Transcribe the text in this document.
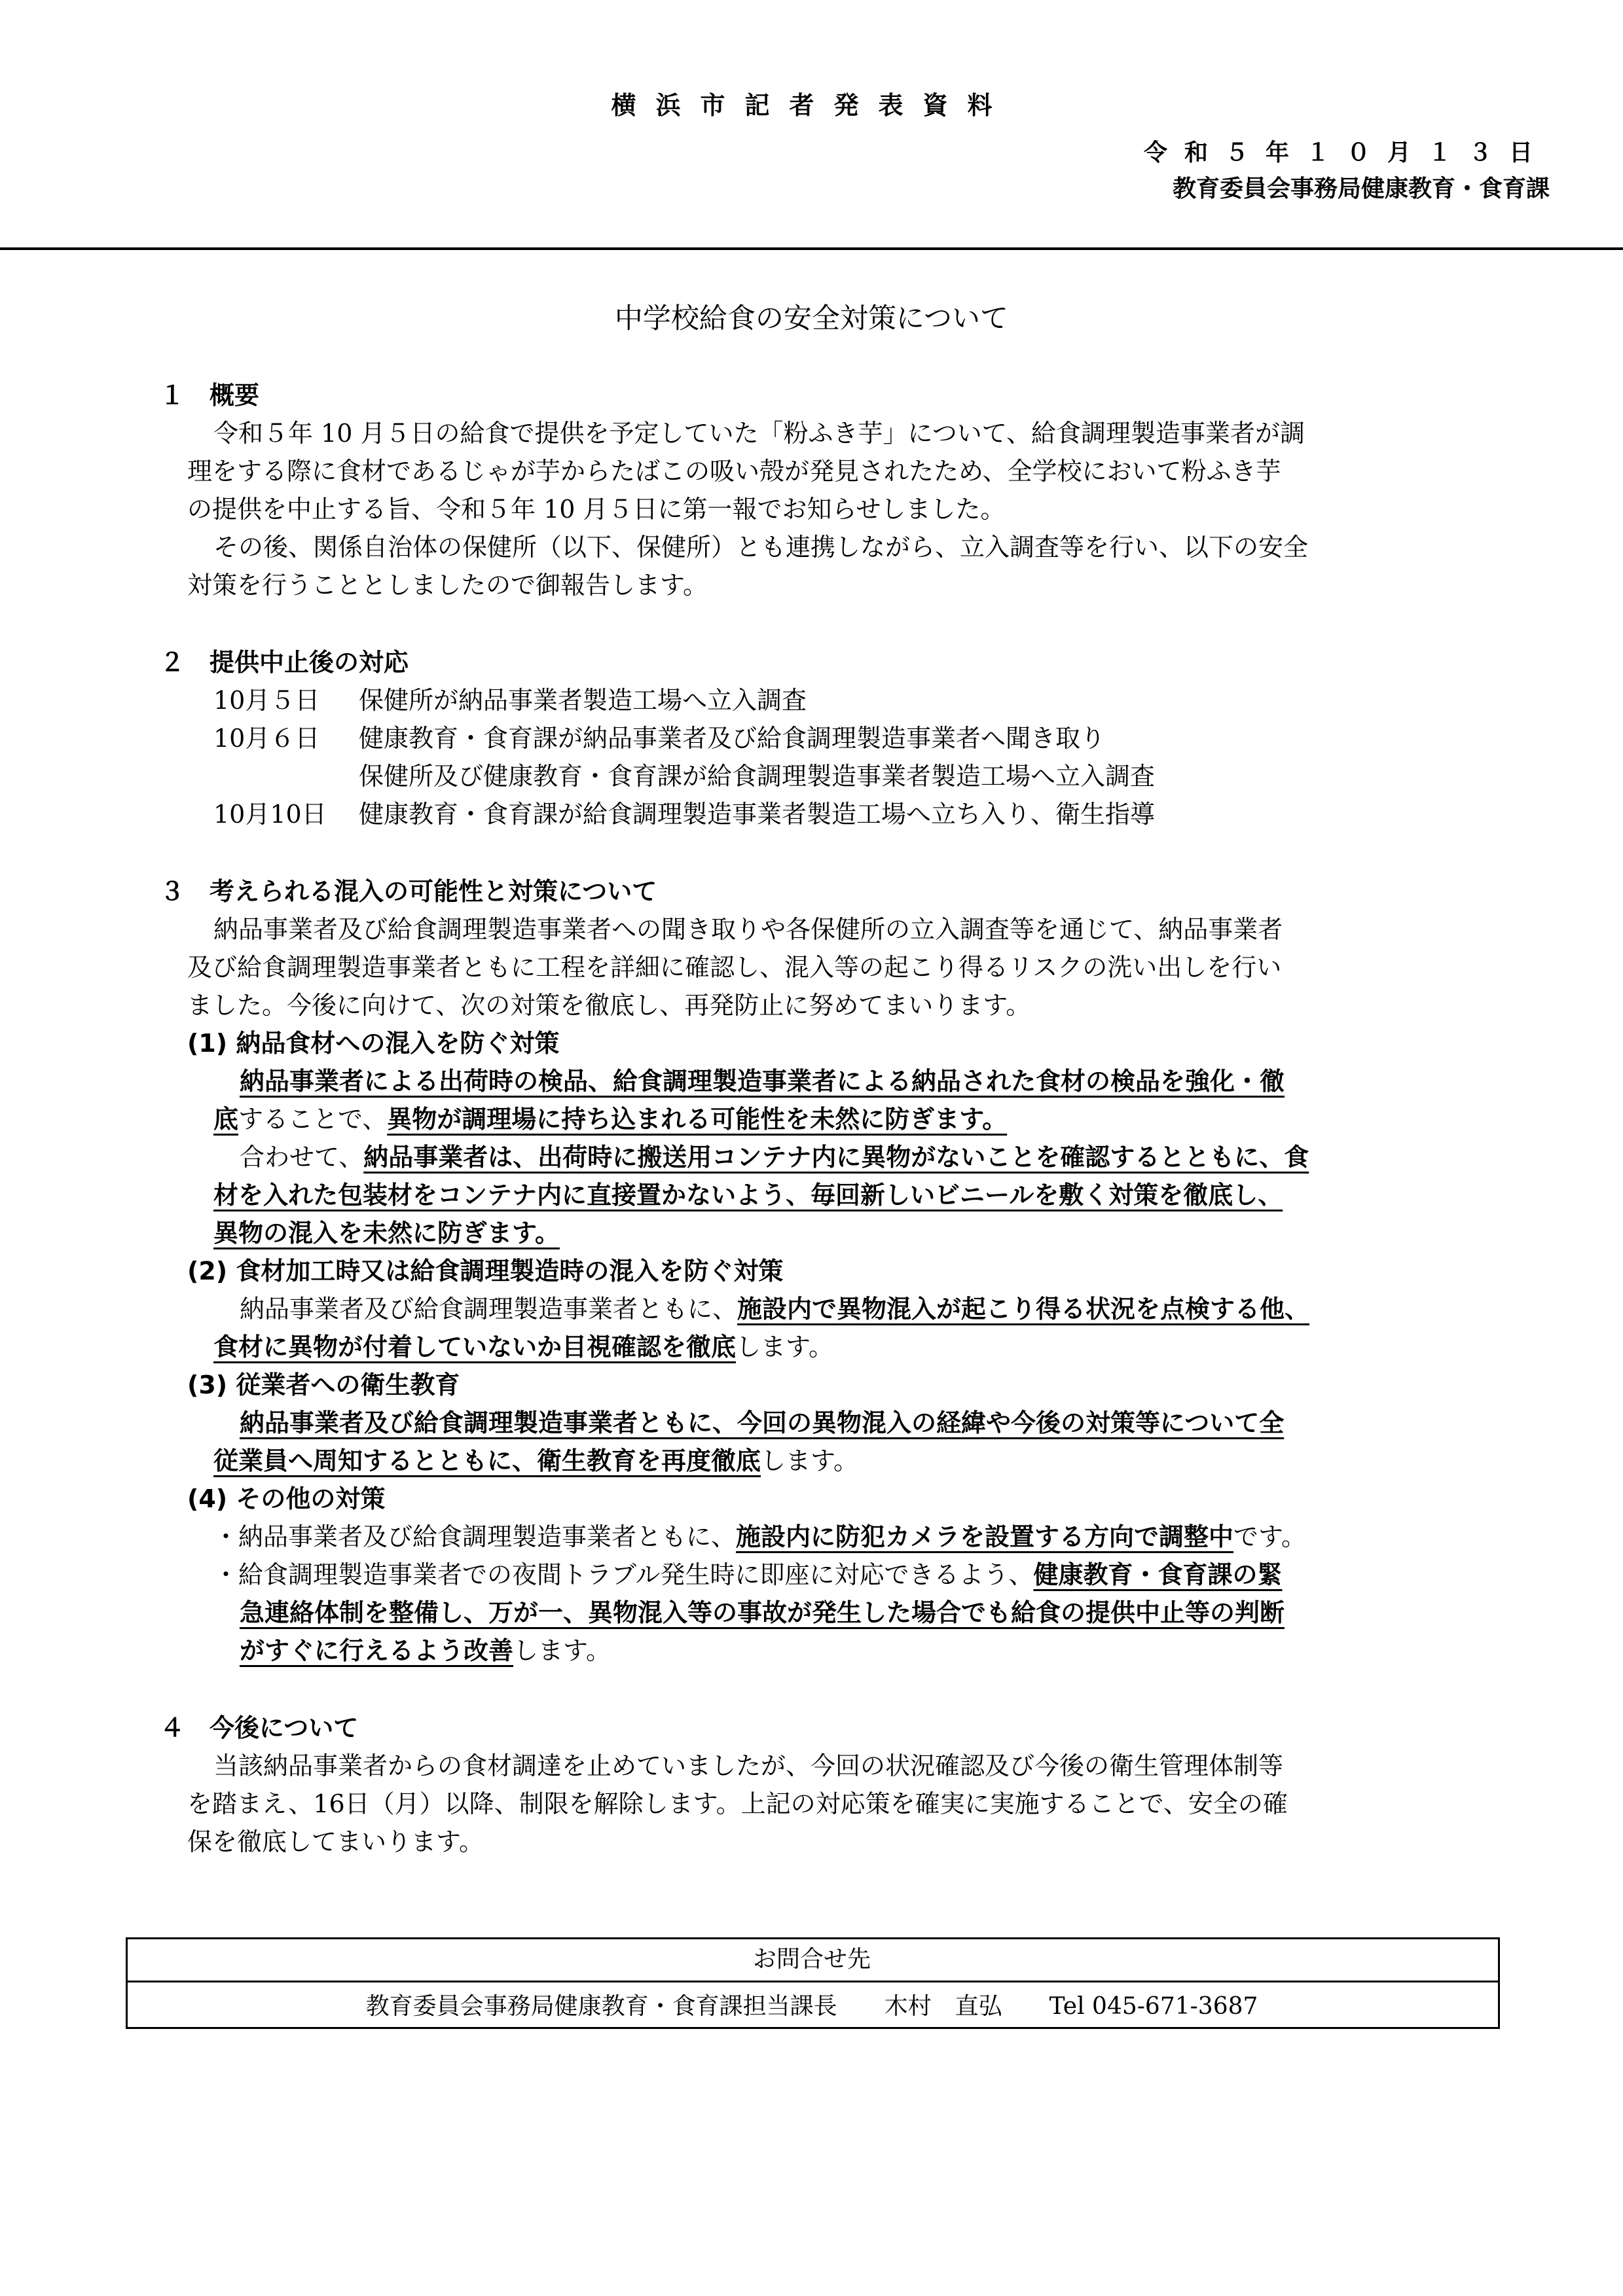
横浜市記者発表資料
令和５年１０月１３日
教育委員会事務局健康教育・食育課
中学校給食の安全対策について
１　概要
令和５年 10 月５日の給食で提供を予定していた「粉ふき芋」について、給食調理製造事業者が調
理をする際に食材であるじゃが芋からたばこの吸い殻が発見されたため、全学校において粉ふき芋
の提供を中止する旨、令和５年 10 月５日に第一報でお知らせしました。
その後、関係自治体の保健所（以下、保健所）とも連携しながら、立入調査等を行い、以下の安全
対策を行うこととしましたので御報告します。
２　提供中止後の対応
10月５日 保健所が納品事業者製造工場へ立入調査
10月６日 健康教育・食育課が納品事業者及び給食調理製造事業者へ聞き取り
保健所及び健康教育・食育課が給食調理製造事業者製造工場へ立入調査
10月10日 健康教育・食育課が給食調理製造事業者製造工場へ立ち入り、衛生指導
３　考えられる混入の可能性と対策について
納品事業者及び給食調理製造事業者への聞き取りや各保健所の立入調査等を通じて、納品事業者
及び給食調理製造事業者ともに工程を詳細に確認し、混入等の起こり得るリスクの洗い出しを行い
ました。今後に向けて、次の対策を徹底し、再発防止に努めてまいります。
(1) 納品食材への混入を防ぐ対策
納品事業者による出荷時の検品、給食調理製造事業者による納品された食材の検品を強化・徹
底することで、異物が調理場に持ち込まれる可能性を未然に防ぎます。
合わせて、納品事業者は、出荷時に搬送用コンテナ内に異物がないことを確認するとともに、食
材を入れた包装材をコンテナ内に直接置かないよう、毎回新しいビニールを敷く対策を徹底し、
異物の混入を未然に防ぎます。
(2) 食材加工時又は給食調理製造時の混入を防ぐ対策
納品事業者及び給食調理製造事業者ともに、施設内で異物混入が起こり得る状況を点検する他、
食材に異物が付着していないか目視確認を徹底します。
(3) 従業者への衛生教育
納品事業者及び給食調理製造事業者ともに、今回の異物混入の経緯や今後の対策等について全
従業員へ周知するとともに、衛生教育を再度徹底します。
(4) その他の対策
・納品事業者及び給食調理製造事業者ともに、施設内に防犯カメラを設置する方向で調整中です。
・給食調理製造事業者での夜間トラブル発生時に即座に対応できるよう、健康教育・食育課の緊
急連絡体制を整備し、万が一、異物混入等の事故が発生した場合でも給食の提供中止等の判断
がすぐに行えるよう改善します。
４　今後について
当該納品事業者からの食材調達を止めていましたが、今回の状況確認及び今後の衛生管理体制等
を踏まえ、16日（月）以降、制限を解除します。上記の対応策を確実に実施することで、安全の確
保を徹底してまいります。
お問合せ先
教育委員会事務局健康教育・食育課担当課長　　木村　直弘　　Tel 045-671-3687
